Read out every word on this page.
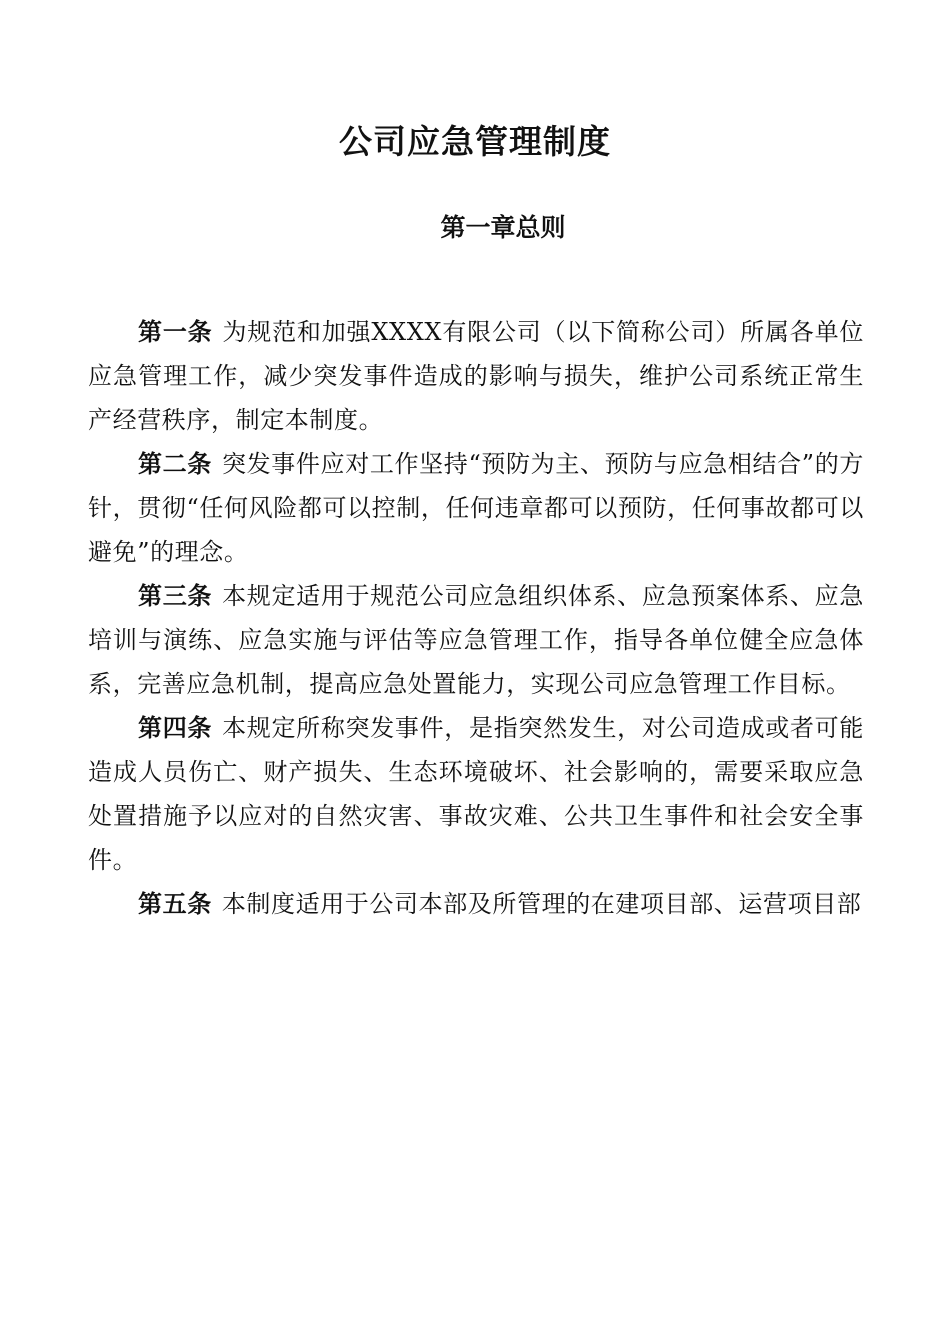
公司应急管理制度
第一章总则

第一条 为规范和加强XXXX有限公司（以下简称公司）所属各单位应急管理工作，减少突发事件造成的影响与损失，维护公司系统正常生产经营秩序，制定本制度。

第二条 突发事件应对工作坚持“预防为主、预防与应急相结合”的方针，贯彻“任何风险都可以控制，任何违章都可以预防，任何事故都可以避免”的理念。

第三条 本规定适用于规范公司应急组织体系、应急预案体系、应急培训与演练、应急实施与评估等应急管理工作，指导各单位健全应急体系，完善应急机制，提高应急处置能力，实现公司应急管理工作目标。

第四条 本规定所称突发事件，是指突然发生，对公司造成或者可能造成人员伤亡、财产损失、生态环境破坏、社会影响的，需要采取应急处置措施予以应对的自然灾害、事故灾难、公共卫生事件和社会安全事件。

第五条 本制度适用于公司本部及所管理的在建项目部、运营项目部
